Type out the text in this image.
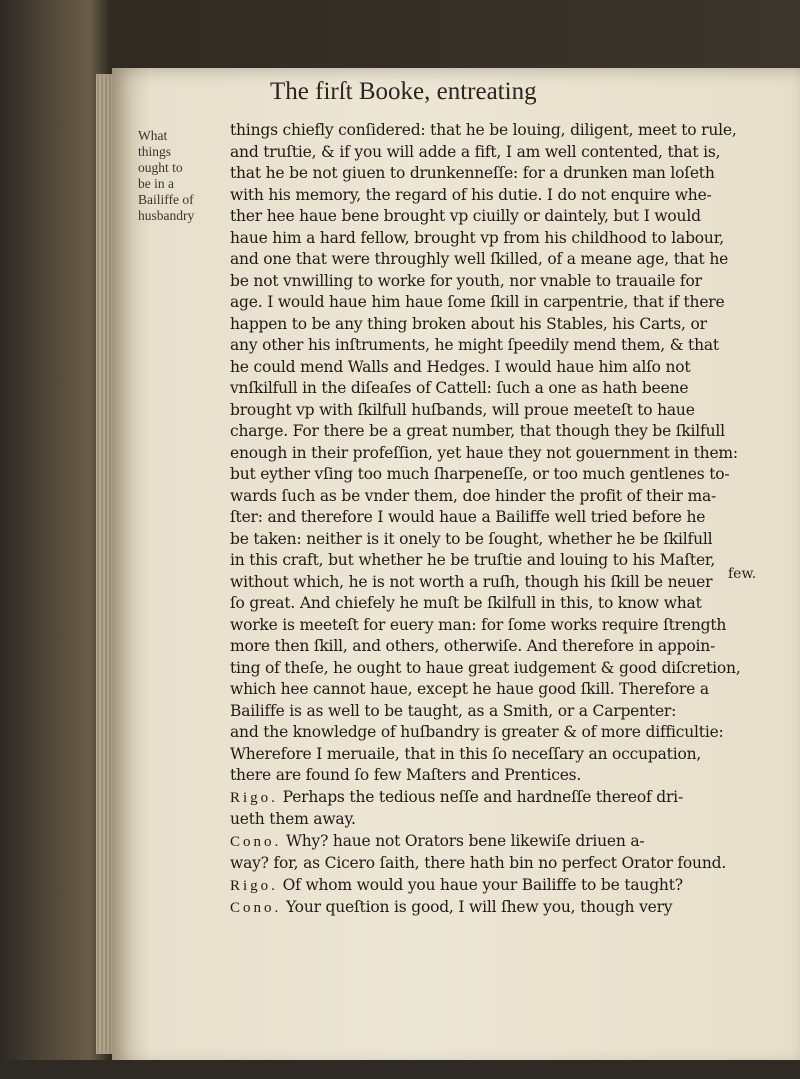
The firſt Booke, entreating
What
things
ought to
be in a
Bailiffe of
husbandry

things chiefly conſidered: that he be louing, diligent, meet to rule,

and truſtie, & if you will adde a fift, I am well contented, that is,

that he be not giuen to drunkenneſſe: for a drunken man loſeth

with his memory, the regard of his dutie. I do not enquire whe-

ther hee haue bene brought vp ciuilly or daintely, but I would

haue him a hard fellow, brought vp from his childhood to labour,

and one that were throughly well ſkilled, of a meane age, that he

be not vnwilling to worke for youth, nor vnable to trauaile for

age. I would haue him haue ſome ſkill in carpentrie, that if there

happen to be any thing broken about his Stables, his Carts, or

any other his inſtruments, he might ſpeedily mend them, & that

he could mend Walls and Hedges. I would haue him alſo not

vnſkilfull in the diſeaſes of Cattell: ſuch a one as hath beene

brought vp with ſkilfull huſbands, will proue meeteſt to haue

charge. For there be a great number, that though they be ſkilfull

enough in their profeſſion, yet haue they not gouernment in them:

but eyther vſing too much ſharpeneſſe, or too much gentlenes to-

wards ſuch as be vnder them, doe hinder the profit of their ma-

ſter: and therefore I would haue a Bailiffe well tried before he

be taken: neither is it onely to be ſought, whether he be ſkilfull

in this craft, but whether he be truſtie and louing to his Maſter,

without which, he is not worth a ruſh, though his ſkill be neuer

ſo great. And chiefely he muſt be ſkilfull in this, to know what

worke is meeteſt for euery man: for ſome works require ſtrength

more then ſkill, and others, otherwiſe. And therefore in appoin-

ting of theſe, he ought to haue great iudgement & good diſcretion,

which hee cannot haue, except he haue good ſkill. Therefore a

Bailiffe is as well to be taught, as a Smith, or a Carpenter:

and the knowledge of huſbandry is greater & of more difficultie:

Wherefore I meruaile, that in this ſo neceſſary an occupation,

there are found ſo few Maſters and Prentices.

Rigo. Perhaps the tedious neſſe and hardneſſe thereof dri-

ueth them away.

Cono. Why? haue not Orators bene likewiſe driuen a-

way? for, as Cicero ſaith, there hath bin no perfect Orator found.

Rigo. Of whom would you haue your Bailiffe to be taught?

Cono. Your queſtion is good, I will ſhew you, though very

few.
